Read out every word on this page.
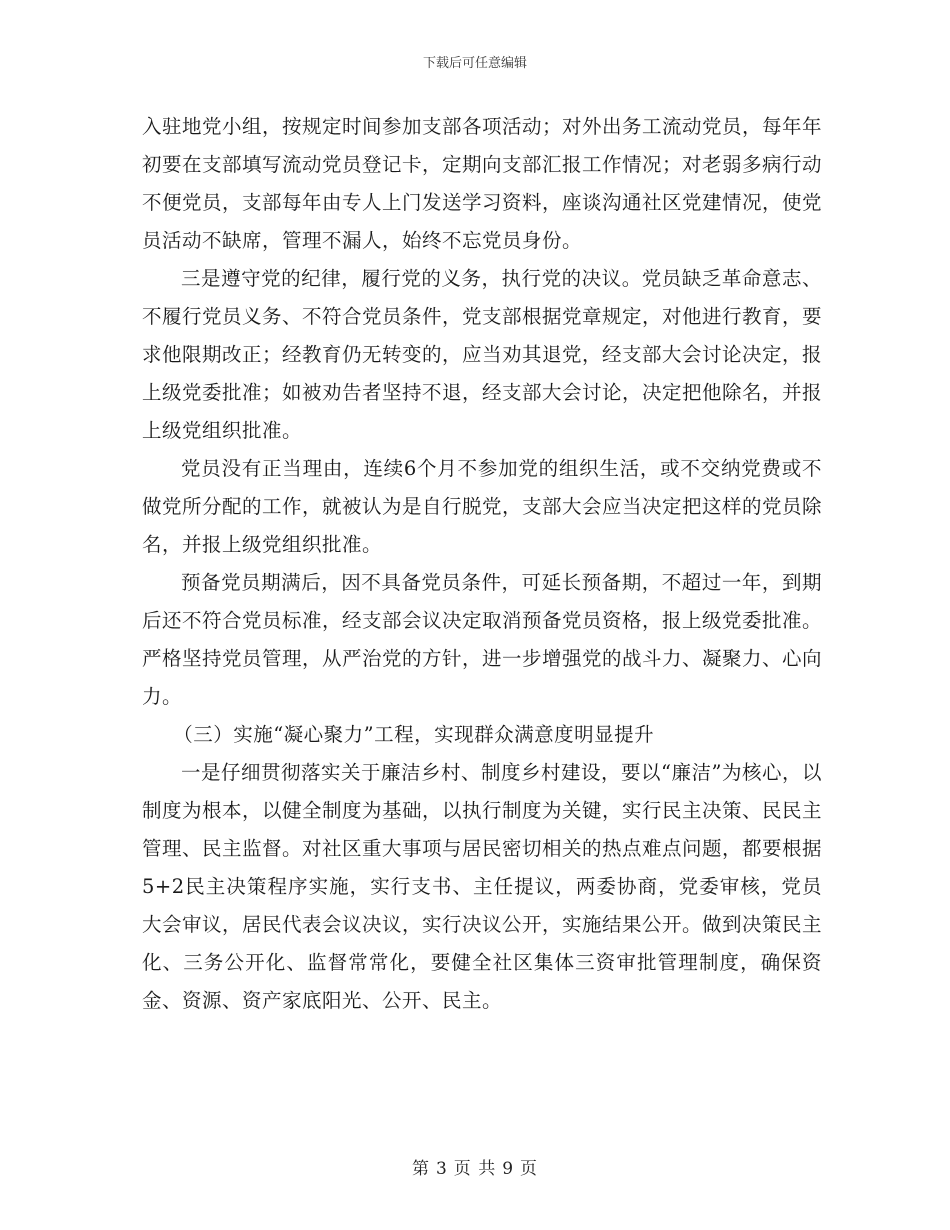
下载后可任意编辑

入驻地党小组，按规定时间参加支部各项活动；对外出务工流动党员，每年年初要在支部填写流动党员登记卡，定期向支部汇报工作情况；对老弱多病行动不便党员，支部每年由专人上门发送学习资料，座谈沟通社区党建情况，使党员活动不缺席，管理不漏人，始终不忘党员身份。

三是遵守党的纪律，履行党的义务，执行党的决议。党员缺乏革命意志、不履行党员义务、不符合党员条件，党支部根据党章规定，对他进行教育，要求他限期改正；经教育仍无转变的，应当劝其退党，经支部大会讨论决定，报上级党委批准；如被劝告者坚持不退，经支部大会讨论，决定把他除名，并报上级党组织批准。

党员没有正当理由，连续6个月不参加党的组织生活，或不交纳党费或不做党所分配的工作，就被认为是自行脱党，支部大会应当决定把这样的党员除名，并报上级党组织批准。

预备党员期满后，因不具备党员条件，可延长预备期，不超过一年，到期后还不符合党员标准，经支部会议决定取消预备党员资格，报上级党委批准。严格坚持党员管理，从严治党的方针，进一步增强党的战斗力、凝聚力、心向力。

（三）实施“凝心聚力”工程，实现群众满意度明显提升

一是仔细贯彻落实关于廉洁乡村、制度乡村建设，要以“廉洁”为核心，以制度为根本，以健全制度为基础，以执行制度为关键，实行民主决策、民民主管理、民主监督。对社区重大事项与居民密切相关的热点难点问题，都要根据5+2民主决策程序实施，实行支书、主任提议，两委协商，党委审核，党员大会审议，居民代表会议决议，实行决议公开，实施结果公开。做到决策民主化、三务公开化、监督常常化，要健全社区集体三资审批管理制度，确保资金、资源、资产家底阳光、公开、民主。

第 3 页 共 9 页
